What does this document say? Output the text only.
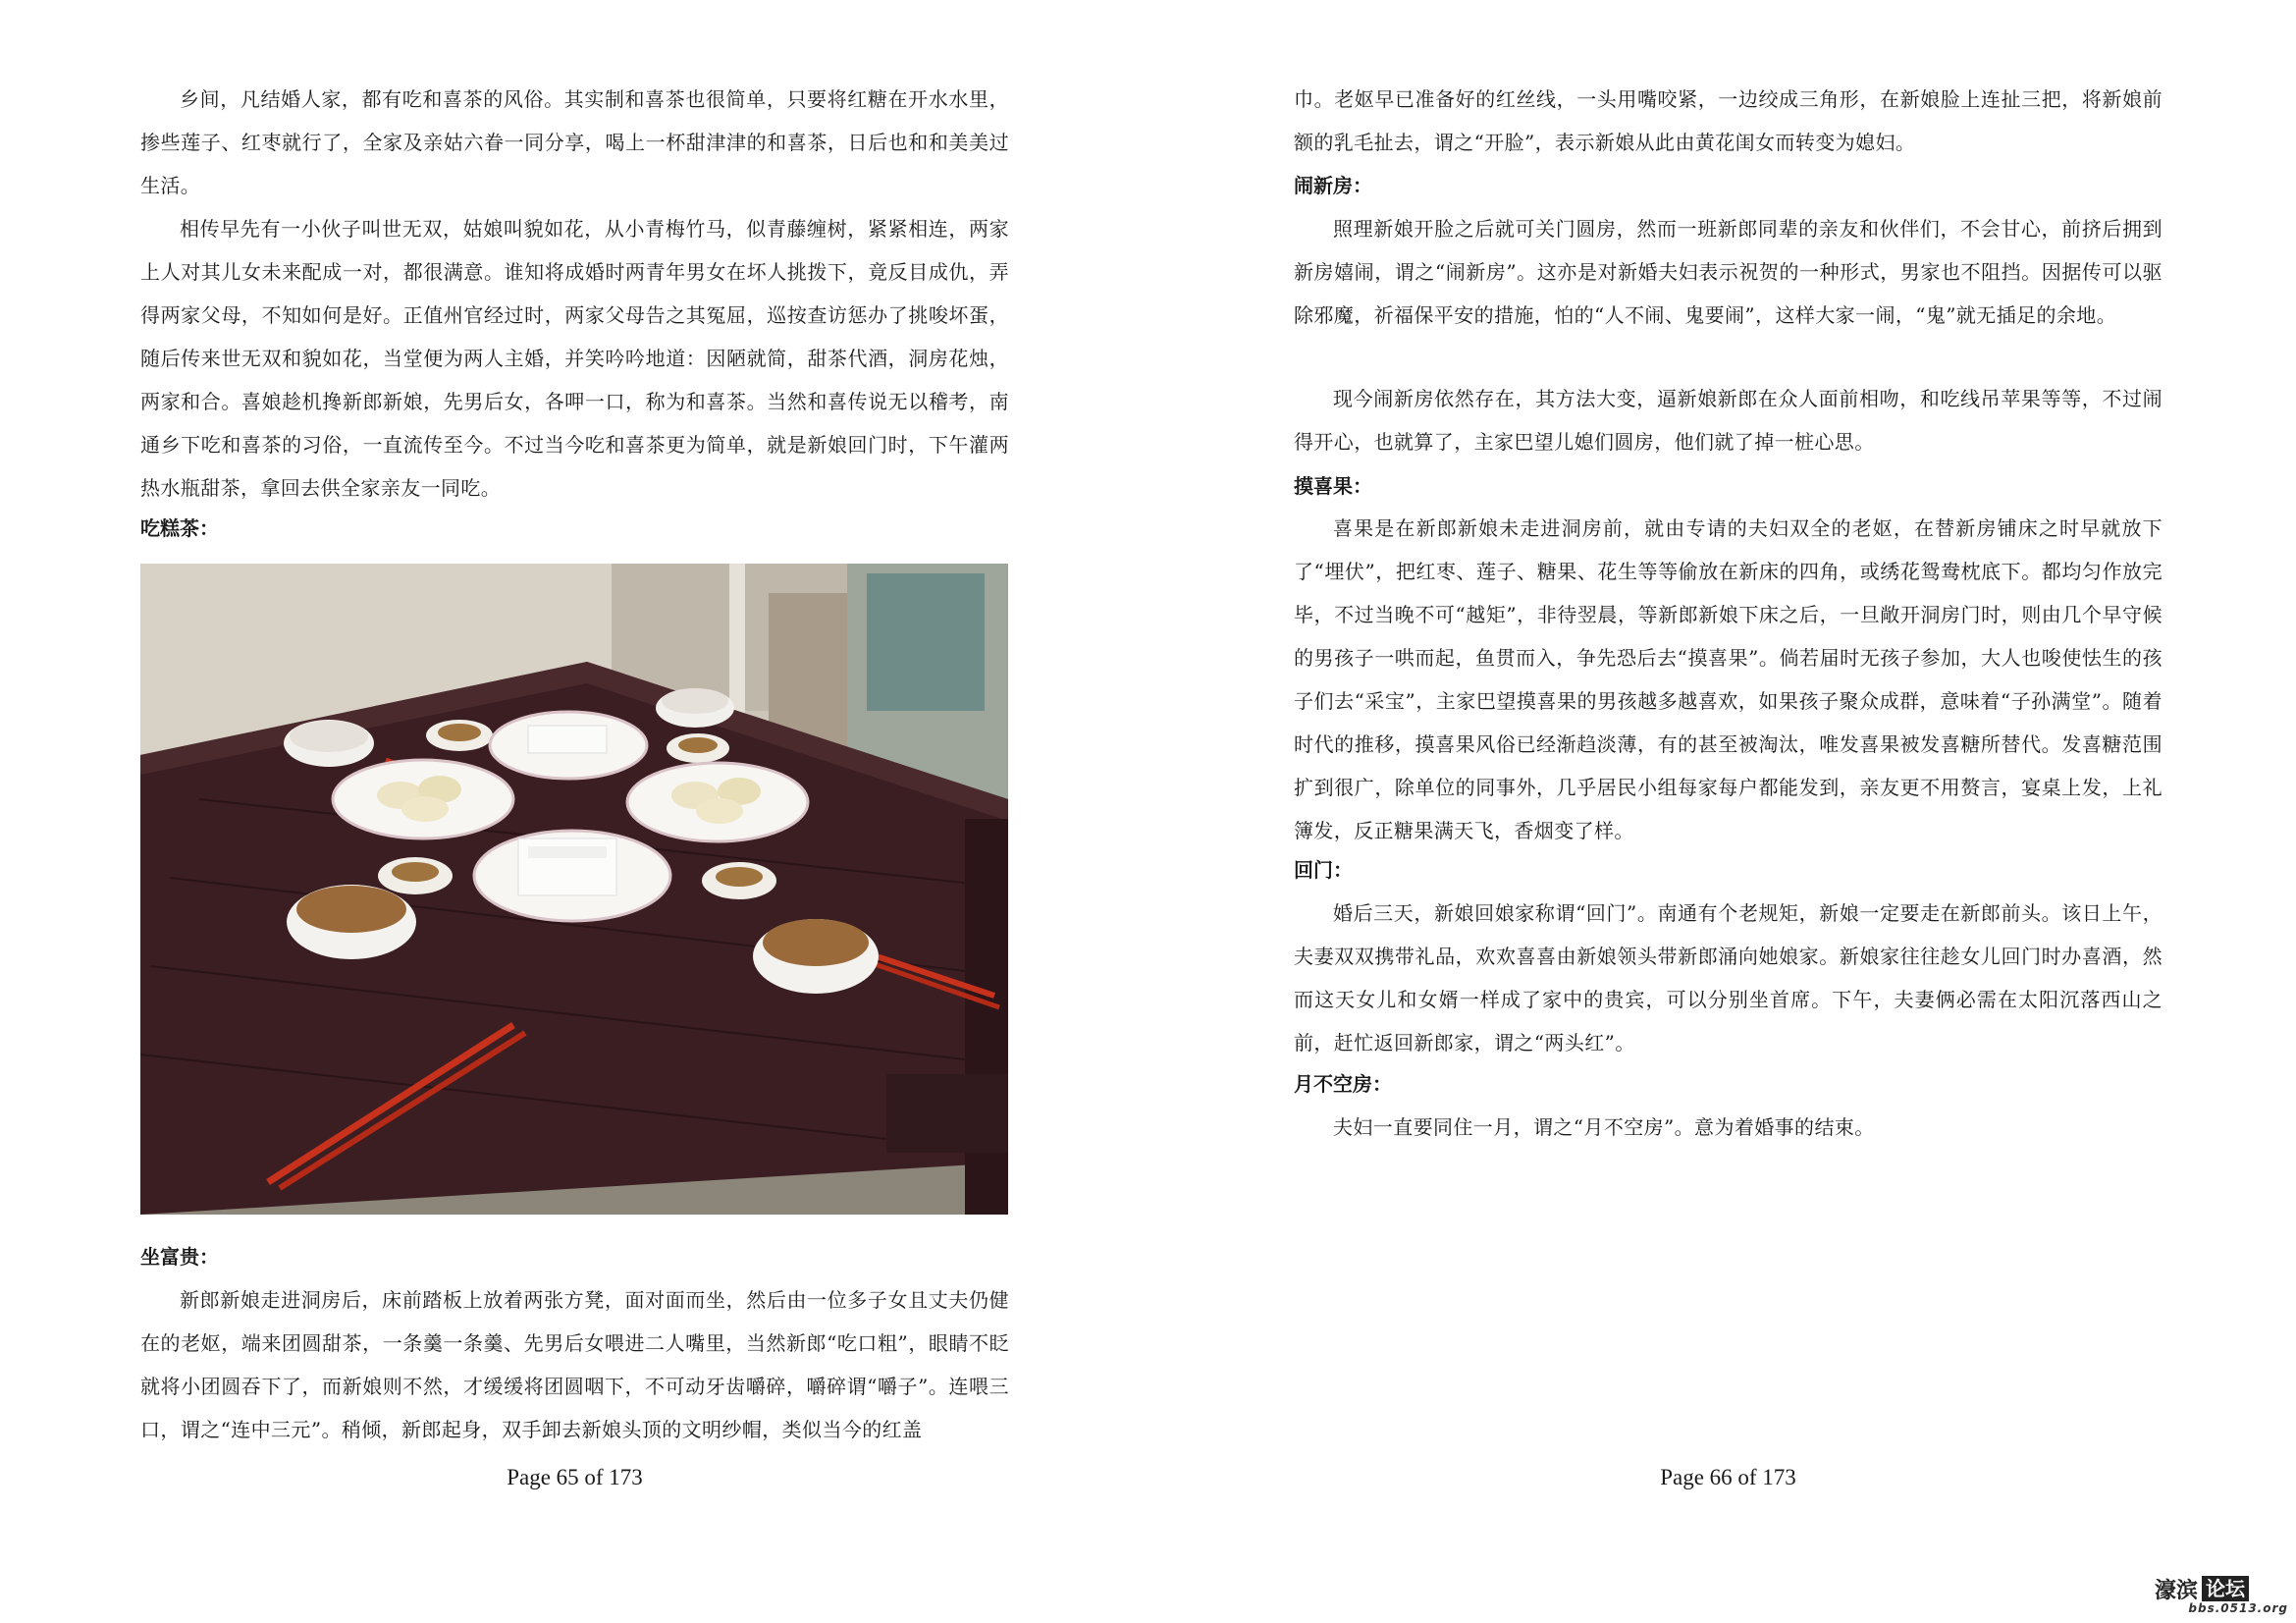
乡间，凡结婚人家，都有吃和喜茶的风俗。其实制和喜茶也很简单，只要将红糖在开水水里，掺些莲子、红枣就行了，全家及亲姑六眷一同分享，喝上一杯甜津津的和喜茶，日后也和和美美过生活。

相传早先有一小伙子叫世无双，姑娘叫貌如花，从小青梅竹马，似青藤缠树，紧紧相连，两家上人对其儿女未来配成一对，都很满意。谁知将成婚时两青年男女在坏人挑拨下，竟反目成仇，弄得两家父母，不知如何是好。正值州官经过时，两家父母告之其冤屈，巡按查访惩办了挑唆坏蛋，随后传来世无双和貌如花，当堂便为两人主婚，并笑吟吟地道：因陋就简，甜茶代酒，洞房花烛，两家和合。喜娘趁机搀新郎新娘，先男后女，各呷一口，称为和喜茶。当然和喜传说无以稽考，南通乡下吃和喜茶的习俗，一直流传至今。不过当今吃和喜茶更为简单，就是新娘回门时，下午灌两热水瓶甜茶，拿回去供全家亲友一同吃。

吃糕茶：

坐富贵：

新郎新娘走进洞房后，床前踏板上放着两张方凳，面对面而坐，然后由一位多子女且丈夫仍健在的老妪，端来团圆甜茶，一条羹一条羹、先男后女喂进二人嘴里，当然新郎“吃口粗”，眼睛不眨就将小团圆吞下了，而新娘则不然，才缓缓将团圆咽下，不可动牙齿嚼碎，嚼碎谓“嚼子”。连喂三口，谓之“连中三元”。稍倾，新郎起身，双手卸去新娘头顶的文明纱帽，类似当今的红盖

Page 65 of 173

巾。老妪早已准备好的红丝线，一头用嘴咬紧，一边绞成三角形，在新娘脸上连扯三把，将新娘前额的乳毛扯去，谓之“开脸”，表示新娘从此由黄花闺女而转变为媳妇。

闹新房：

照理新娘开脸之后就可关门圆房，然而一班新郎同辈的亲友和伙伴们，不会甘心，前挤后拥到新房嬉闹，谓之“闹新房”。这亦是对新婚夫妇表示祝贺的一种形式，男家也不阻挡。因据传可以驱除邪魔，祈福保平安的措施，怕的“人不闹、鬼要闹”，这样大家一闹，“鬼”就无插足的余地。

现今闹新房依然存在，其方法大变，逼新娘新郎在众人面前相吻，和吃线吊苹果等等，不过闹得开心，也就算了，主家巴望儿媳们圆房，他们就了掉一桩心思。

摸喜果：

喜果是在新郎新娘未走进洞房前，就由专请的夫妇双全的老妪，在替新房铺床之时早就放下了“埋伏”，把红枣、莲子、糖果、花生等等偷放在新床的四角，或绣花鸳鸯枕底下。都均匀作放完毕，不过当晚不可“越矩”，非待翌晨，等新郎新娘下床之后，一旦敞开洞房门时，则由几个早守候的男孩子一哄而起，鱼贯而入，争先恐后去“摸喜果”。倘若届时无孩子参加，大人也唆使怯生的孩子们去“采宝”，主家巴望摸喜果的男孩越多越喜欢，如果孩子聚众成群，意味着“子孙满堂”。随着时代的推移，摸喜果风俗已经渐趋淡薄，有的甚至被淘汰，唯发喜果被发喜糖所替代。发喜糖范围扩到很广，除单位的同事外，几乎居民小组每家每户都能发到，亲友更不用赘言，宴桌上发，上礼簿发，反正糖果满天飞，香烟变了样。

回门：

婚后三天，新娘回娘家称谓“回门”。南通有个老规矩，新娘一定要走在新郎前头。该日上午，夫妻双双携带礼品，欢欢喜喜由新娘领头带新郎涌向她娘家。新娘家往往趁女儿回门时办喜酒，然而这天女儿和女婿一样成了家中的贵宾，可以分别坐首席。下午，夫妻俩必需在太阳沉落西山之前，赶忙返回新郎家，谓之“两头红”。

月不空房：

夫妇一直要同住一月，谓之“月不空房”。意为着婚事的结束。

Page 66 of 173
濠滨 论坛
bbs.0513.org
